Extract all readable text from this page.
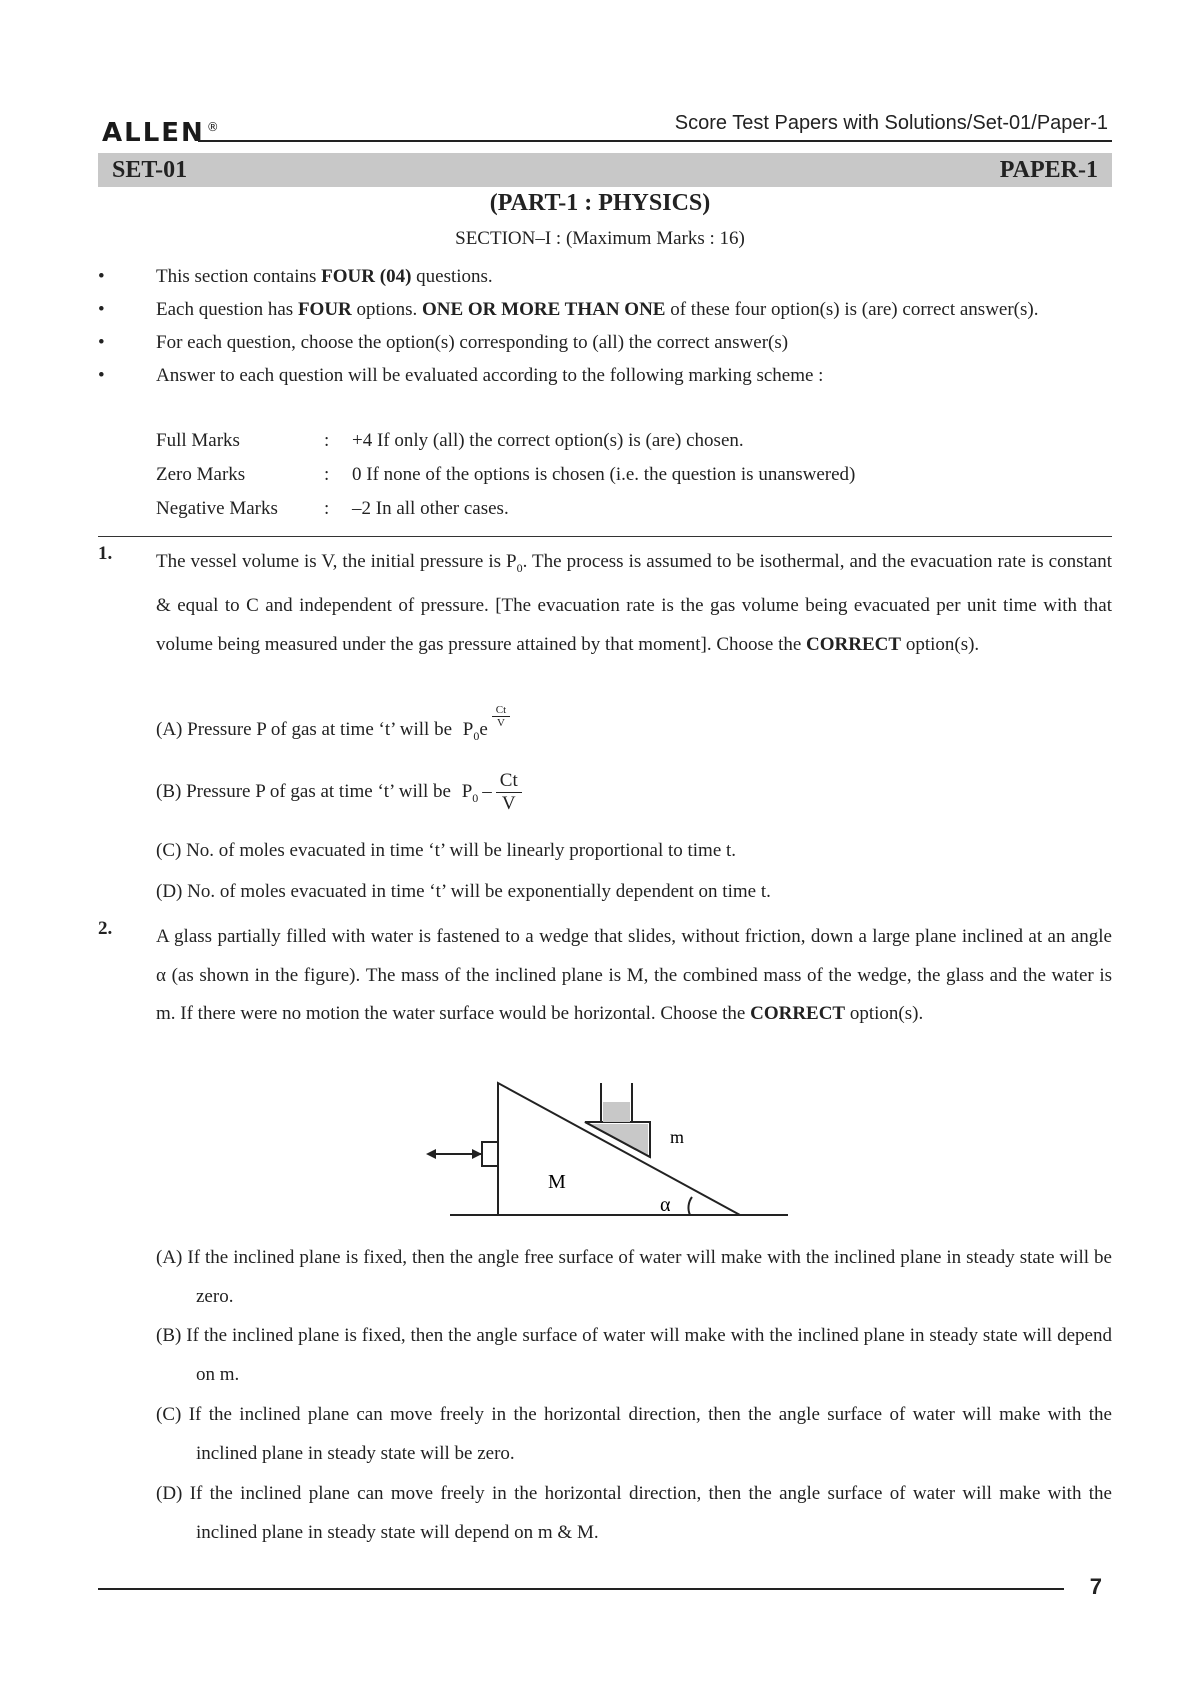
ALLEN ®	Score Test Papers with Solutions/Set-01/Paper-1
SET-01	PAPER-1
(PART-1 : PHYSICS)
SECTION–I : (Maximum Marks : 16)
• This section contains FOUR (04) questions.
• Each question has FOUR options. ONE OR MORE THAN ONE of these four option(s) is (are) correct answer(s).
• For each question, choose the option(s) corresponding to (all) the correct answer(s)
• Answer to each question will be evaluated according to the following marking scheme :
Full Marks	:	+4 If only (all) the correct option(s) is (are) chosen.
Zero Marks	:	0 If none of the options is chosen (i.e. the question is unanswered)
Negative Marks	:	–2 In all other cases.
1. The vessel volume is V, the initial pressure is $P_0$. The process is assumed to be isothermal, and the evacuation rate is constant & equal to C and independent of pressure. [The evacuation rate is the gas volume being evacuated per unit time with that volume being measured under the gas pressure attained by that moment]. Choose the CORRECT option(s).
(A) Pressure P of gas at time ‘t’ will be $P_0e$
$\frac{Ct}{V}$
(B) Pressure P of gas at time ‘t’ will be $P_0 - \frac{Ct}{V}$
(C) No. of moles evacuated in time ‘t’ will be linearly proportional to time t.
(D) No. of moles evacuated in time ‘t’ will be exponentially dependent on time t.
2. A glass partially filled with water is fastened to a wedge that slides, without friction, down a large plane inclined at an angle α (as shown in the figure). The mass of the inclined plane is M, the combined mass of the wedge, the glass and the water is m. If there were no motion the water surface would be horizontal. Choose the CORRECT option(s).
M
m
α
(A) If the inclined plane is fixed, then the angle free surface of water will make with the inclined plane in steady state will be zero.
(B) If the inclined plane is fixed, then the angle surface of water will make with the inclined plane in steady state will depend on m.
(C) If the inclined plane can move freely in the horizontal direction, then the angle surface of water will make with the inclined plane in steady state will be zero.
(D) If the inclined plane can move freely in the horizontal direction, then the angle surface of water will make with the inclined plane in steady state will depend on m & M.
7
